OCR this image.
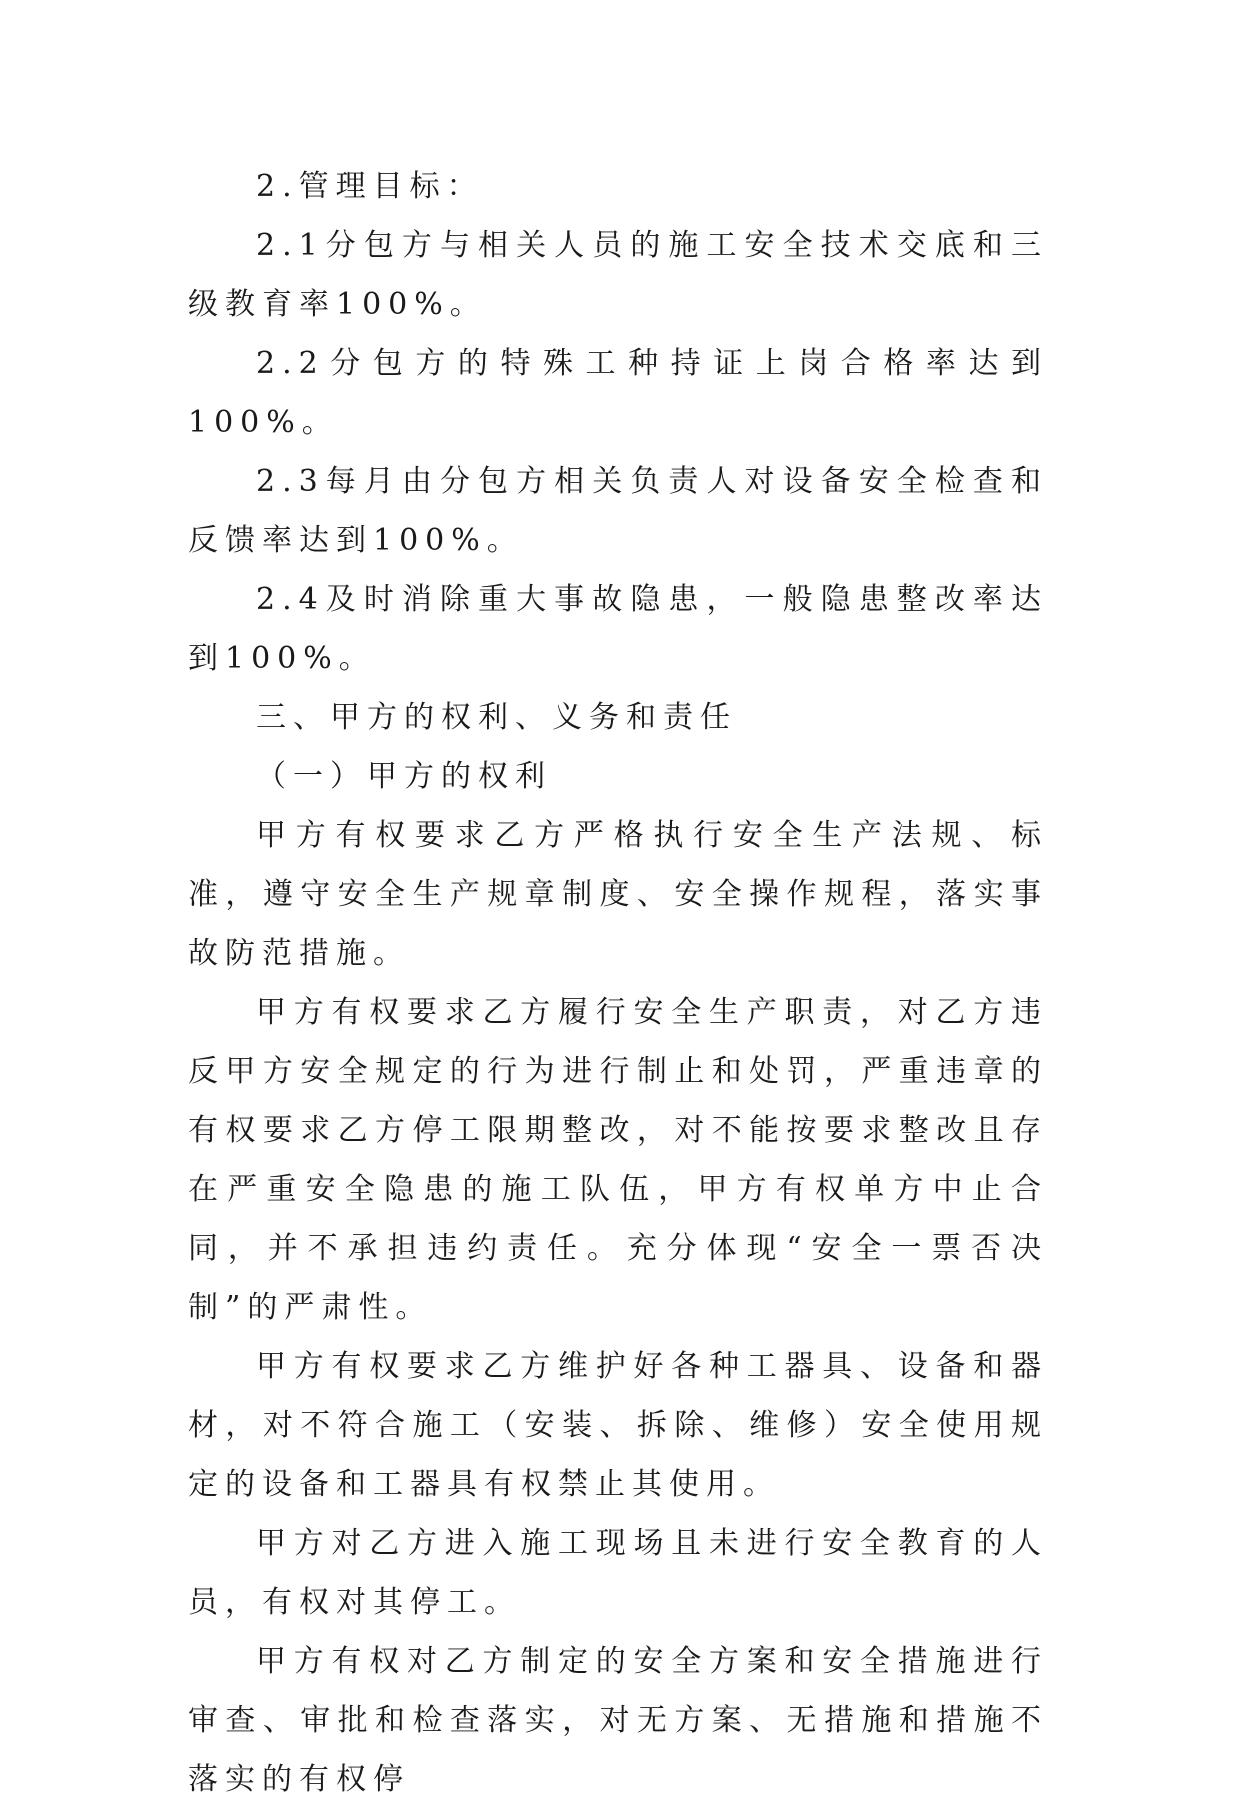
2.管理目标：

2.1分包方与相关人员的施工安全技术交底和三级教育率100%。

2.2分包方的特殊工种持证上岗合格率达到100%。

2.3每月由分包方相关负责人对设备安全检查和反馈率达到100%。

2.4及时消除重大事故隐患，一般隐患整改率达到100%。

三、甲方的权利、义务和责任

（一）甲方的权利

甲方有权要求乙方严格执行安全生产法规、标准，遵守安全生产规章制度、安全操作规程，落实事故防范措施。

甲方有权要求乙方履行安全生产职责，对乙方违反甲方安全规定的行为进行制止和处罚，严重违章的有权要求乙方停工限期整改，对不能按要求整改且存在严重安全隐患的施工队伍，甲方有权单方中止合同，并不承担违约责任。充分体现“安全一票否决制”的严肃性。

甲方有权要求乙方维护好各种工器具、设备和器材，对不符合施工（安装、拆除、维修）安全使用规定的设备和工器具有权禁止其使用。

甲方对乙方进入施工现场且未进行安全教育的人员，有权对其停工。

甲方有权对乙方制定的安全方案和安全措施进行审查、审批和检查落实，对无方案、无措施和措施不落实的有权停
